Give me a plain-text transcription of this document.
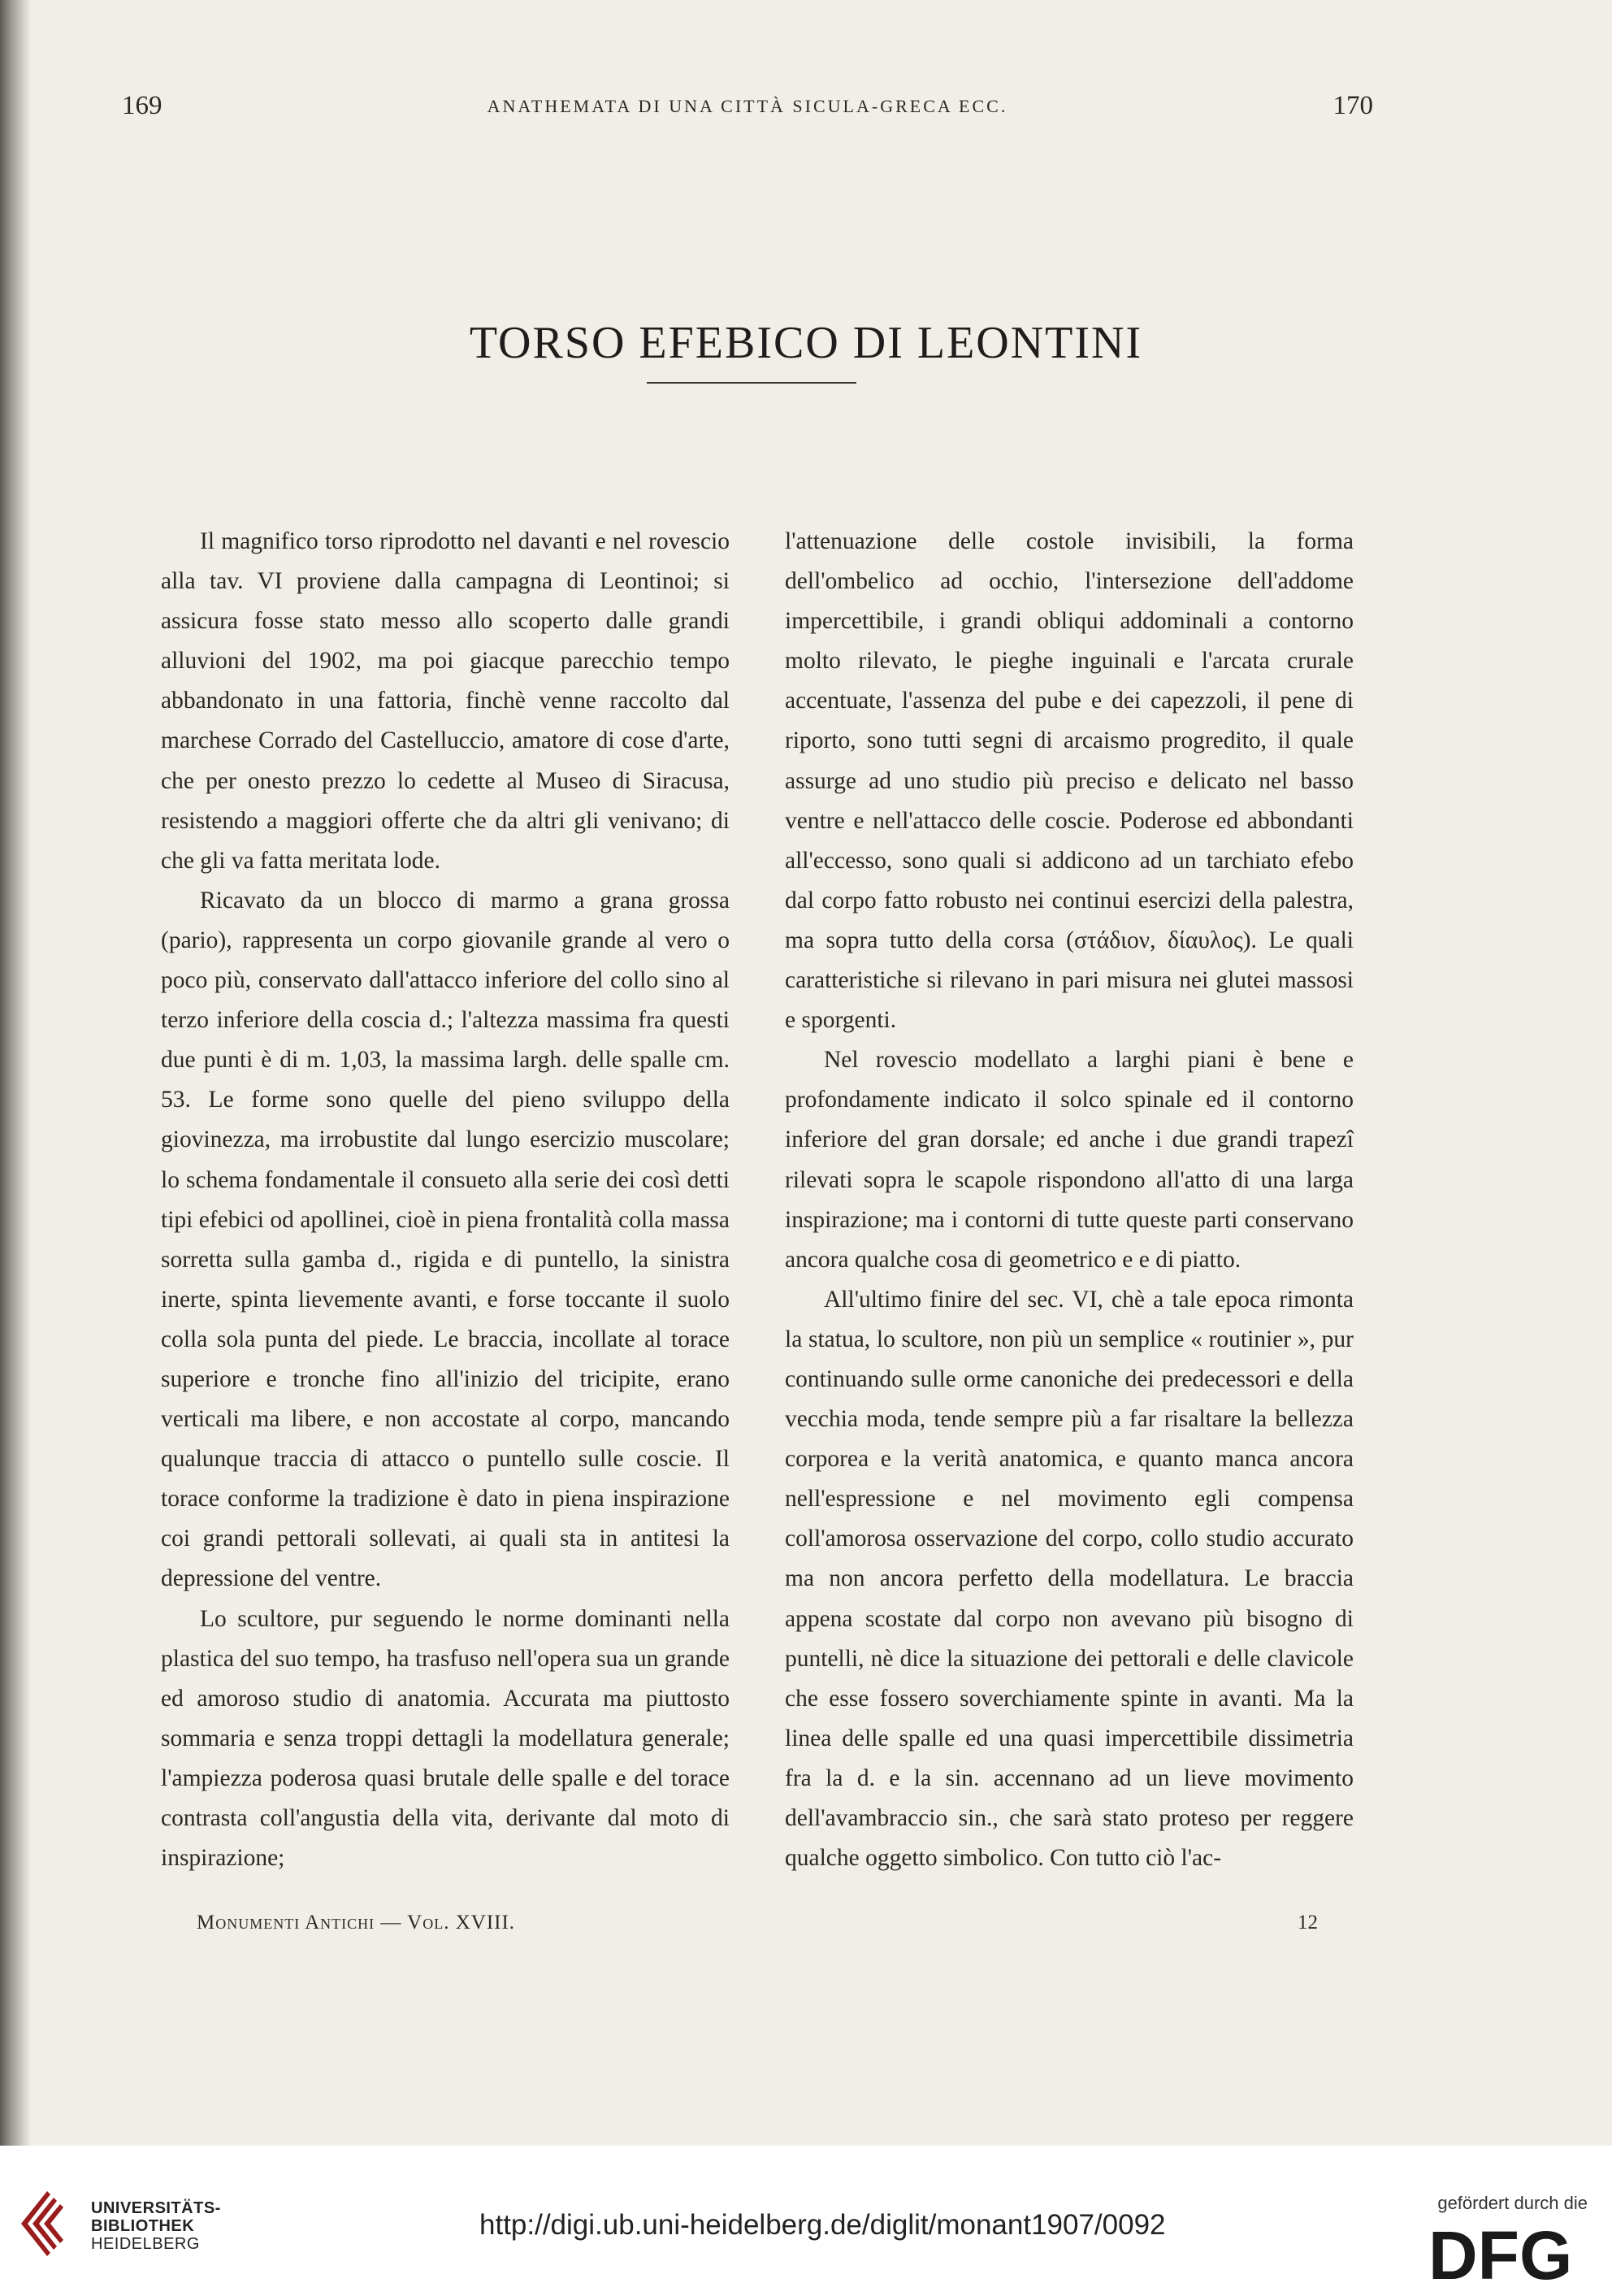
169	ANATHEMATA DI UNA CITTÀ SICULA-GRECA ECC.	170
TORSO EFEBICO DI LEONTINI

Il magnifico torso riprodotto nel davanti e nel rovescio alla tav. VI proviene dalla campagna di Leontinoi; si assicura fosse stato messo allo scoperto dalle grandi alluvioni del 1902, ma poi giacque parecchio tempo abbandonato in una fattoria, finchè venne raccolto dal marchese Corrado del Castelluccio, amatore di cose d'arte, che per onesto prezzo lo cedette al Museo di Siracusa, resistendo a maggiori offerte che da altri gli venivano; di che gli va fatta meritata lode.

Ricavato da un blocco di marmo a grana grossa (pario), rappresenta un corpo giovanile grande al vero o poco più, conservato dall'attacco inferiore del collo sino al terzo inferiore della coscia d.; l'altezza massima fra questi due punti è di m. 1,03, la massima largh. delle spalle cm. 53. Le forme sono quelle del pieno sviluppo della giovinezza, ma irrobustite dal lungo esercizio muscolare; lo schema fondamentale il consueto alla serie dei così detti tipi efebici od apollinei, cioè in piena frontalità colla massa sorretta sulla gamba d., rigida e di puntello, la sinistra inerte, spinta lievemente avanti, e forse toccante il suolo colla sola punta del piede. Le braccia, incollate al torace superiore e tronche fino all'inizio del tricipite, erano verticali ma libere, e non accostate al corpo, mancando qualunque traccia di attacco o puntello sulle coscie. Il torace conforme la tradizione è dato in piena inspirazione coi grandi pettorali sollevati, ai quali sta in antitesi la depressione del ventre.

Lo scultore, pur seguendo le norme dominanti nella plastica del suo tempo, ha trasfuso nell'opera sua un grande ed amoroso studio di anatomia. Accurata ma piuttosto sommaria e senza troppi dettagli la modellatura generale; l'ampiezza poderosa quasi brutale delle spalle e del torace contrasta coll'angustia della vita, derivante dal moto di inspirazione;

l'attenuazione delle costole invisibili, la forma dell'ombelico ad occhio, l'intersezione dell'addome impercettibile, i grandi obliqui addominali a contorno molto rilevato, le pieghe inguinali e l'arcata crurale accentuate, l'assenza del pube e dei capezzoli, il pene di riporto, sono tutti segni di arcaismo progredito, il quale assurge ad uno studio più preciso e delicato nel basso ventre e nell'attacco delle coscie. Poderose ed abbondanti all'eccesso, sono quali si addicono ad un tarchiato efebo dal corpo fatto robusto nei continui esercizi della palestra, ma sopra tutto della corsa (στάδιον, δίαυλος). Le quali caratteristiche si rilevano in pari misura nei glutei massosi e sporgenti.

Nel rovescio modellato a larghi piani è bene e profondamente indicato il solco spinale ed il contorno inferiore del gran dorsale; ed anche i due grandi trapezî rilevati sopra le scapole rispondono all'atto di una larga inspirazione; ma i contorni di tutte queste parti conservano ancora qualche cosa di geometrico e e di piatto.

All'ultimo finire del sec. VI, chè a tale epoca rimonta la statua, lo scultore, non più un semplice « routinier », pur continuando sulle orme canoniche dei predecessori e della vecchia moda, tende sempre più a far risaltare la bellezza corporea e la verità anatomica, e quanto manca ancora nell'espressione e nel movimento egli compensa coll'amorosa osservazione del corpo, collo studio accurato ma non ancora perfetto della modellatura. Le braccia appena scostate dal corpo non avevano più bisogno di puntelli, nè dice la situazione dei pettorali e delle clavicole che esse fossero soverchiamente spinte in avanti. Ma la linea delle spalle ed una quasi impercettibile dissimetria fra la d. e la sin. accennano ad un lieve movimento dell'avambraccio sin., che sarà stato proteso per reggere qualche oggetto simbolico. Con tutto ciò l'ac-

Monumenti Antichi — Vol. XVIII.	12
UNIVERSITÄTS-
BIBLIOTHEK
HEIDELBERG
http://digi.ub.uni-heidelberg.de/diglit/monant1907/0092
gefördert durch die
DFG
